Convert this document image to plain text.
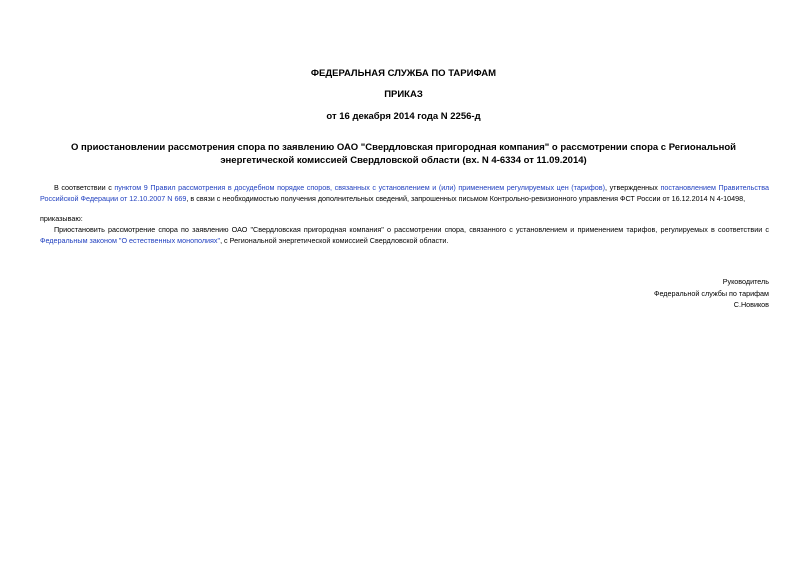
ФЕДЕРАЛЬНАЯ СЛУЖБА ПО ТАРИФАМ
ПРИКАЗ
от 16 декабря 2014 года N 2256-д
О приостановлении рассмотрения спора по заявлению ОАО "Свердловская пригородная компания" о рассмотрении спора с Региональной энергетической комиссией Свердловской области (вх. N 4-6334 от 11.09.2014)

В соответствии с пунктом 9 Правил рассмотрения в досудебном порядке споров, связанных с установлением и (или) применением регулируемых цен (тарифов), утвержденных постановлением Правительства Российской Федерации от 12.10.2007 N 669, в связи с необходимостью получения дополнительных сведений, запрошенных письмом Контрольно-ревизионного управления ФСТ России от 16.12.2014 N 4-10498,

приказываю:

Приостановить рассмотрение спора по заявлению ОАО "Свердловская пригородная компания" о рассмотрении спора, связанного с установлением и применением тарифов, регулируемых в соответствии с Федеральным законом "О естественных монополиях", с Региональной энергетической комиссией Свердловской области.

Руководитель
Федеральной службы по тарифам
С.Новиков
